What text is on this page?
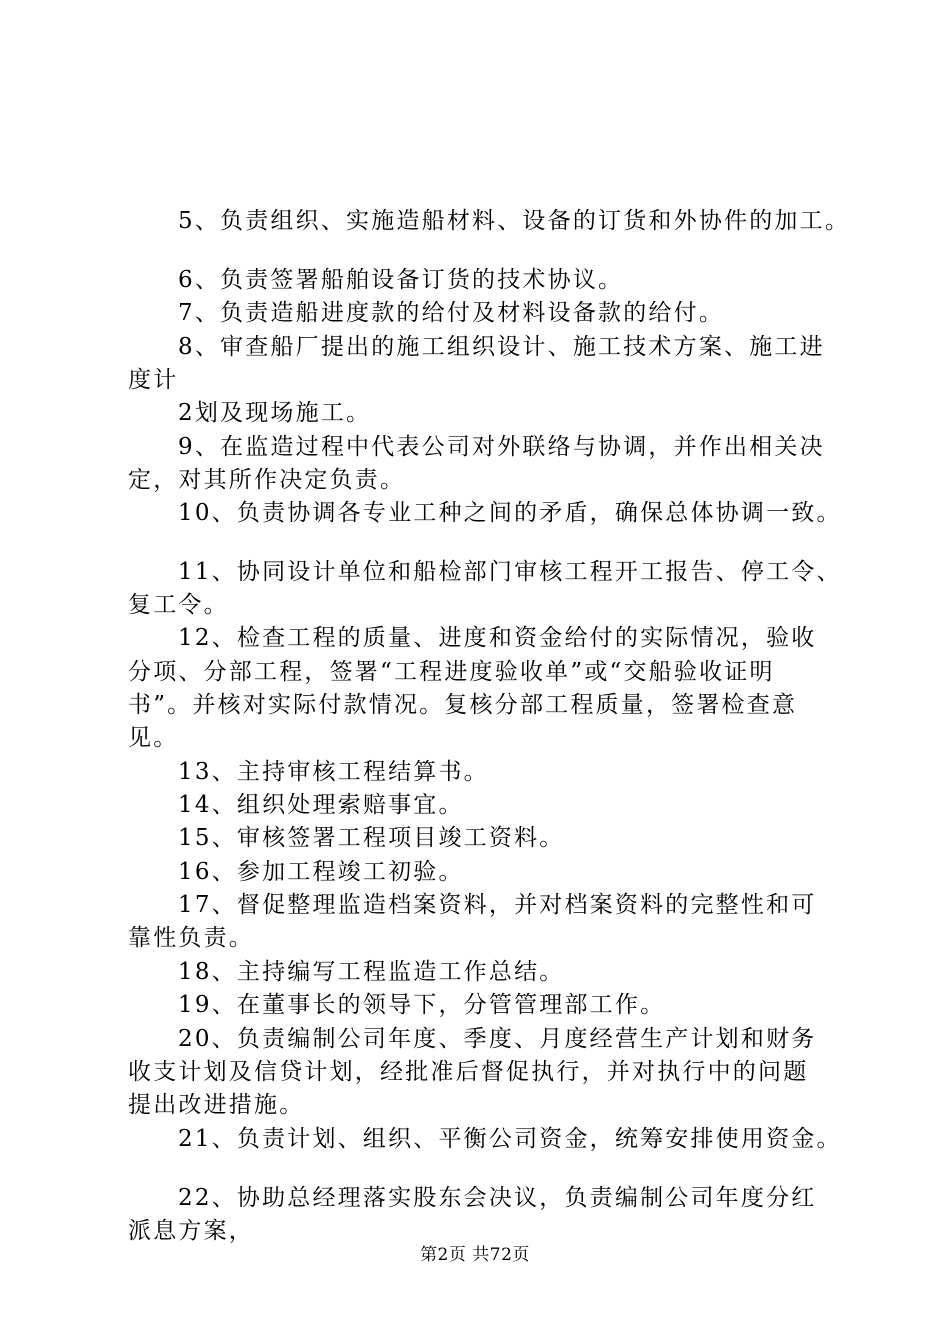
5、负责组织、实施造船材料、设备的订货和外协件的加工。
6、负责签署船舶设备订货的技术协议。
7、负责造船进度款的给付及材料设备款的给付。
8、审查船厂提出的施工组织设计、施工技术方案、施工进
度计
2划及现场施工。
9、在监造过程中代表公司对外联络与协调，并作出相关决
定，对其所作决定负责。
10、负责协调各专业工种之间的矛盾，确保总体协调一致。
11、协同设计单位和船检部门审核工程开工报告、停工令、
复工令。
12、检查工程的质量、进度和资金给付的实际情况，验收
分项、分部工程，签署“工程进度验收单”或“交船验收证明
书”。并核对实际付款情况。复核分部工程质量，签署检查意
见。
13、主持审核工程结算书。
14、组织处理索赔事宜。
15、审核签署工程项目竣工资料。
16、参加工程竣工初验。
17、督促整理监造档案资料，并对档案资料的完整性和可
靠性负责。
18、主持编写工程监造工作总结。
19、在董事长的领导下，分管管理部工作。
20、负责编制公司年度、季度、月度经营生产计划和财务
收支计划及信贷计划，经批准后督促执行，并对执行中的问题
提出改进措施。
21、负责计划、组织、平衡公司资金，统筹安排使用资金。
22、协助总经理落实股东会决议，负责编制公司年度分红
派息方案，
第2页 共72页
